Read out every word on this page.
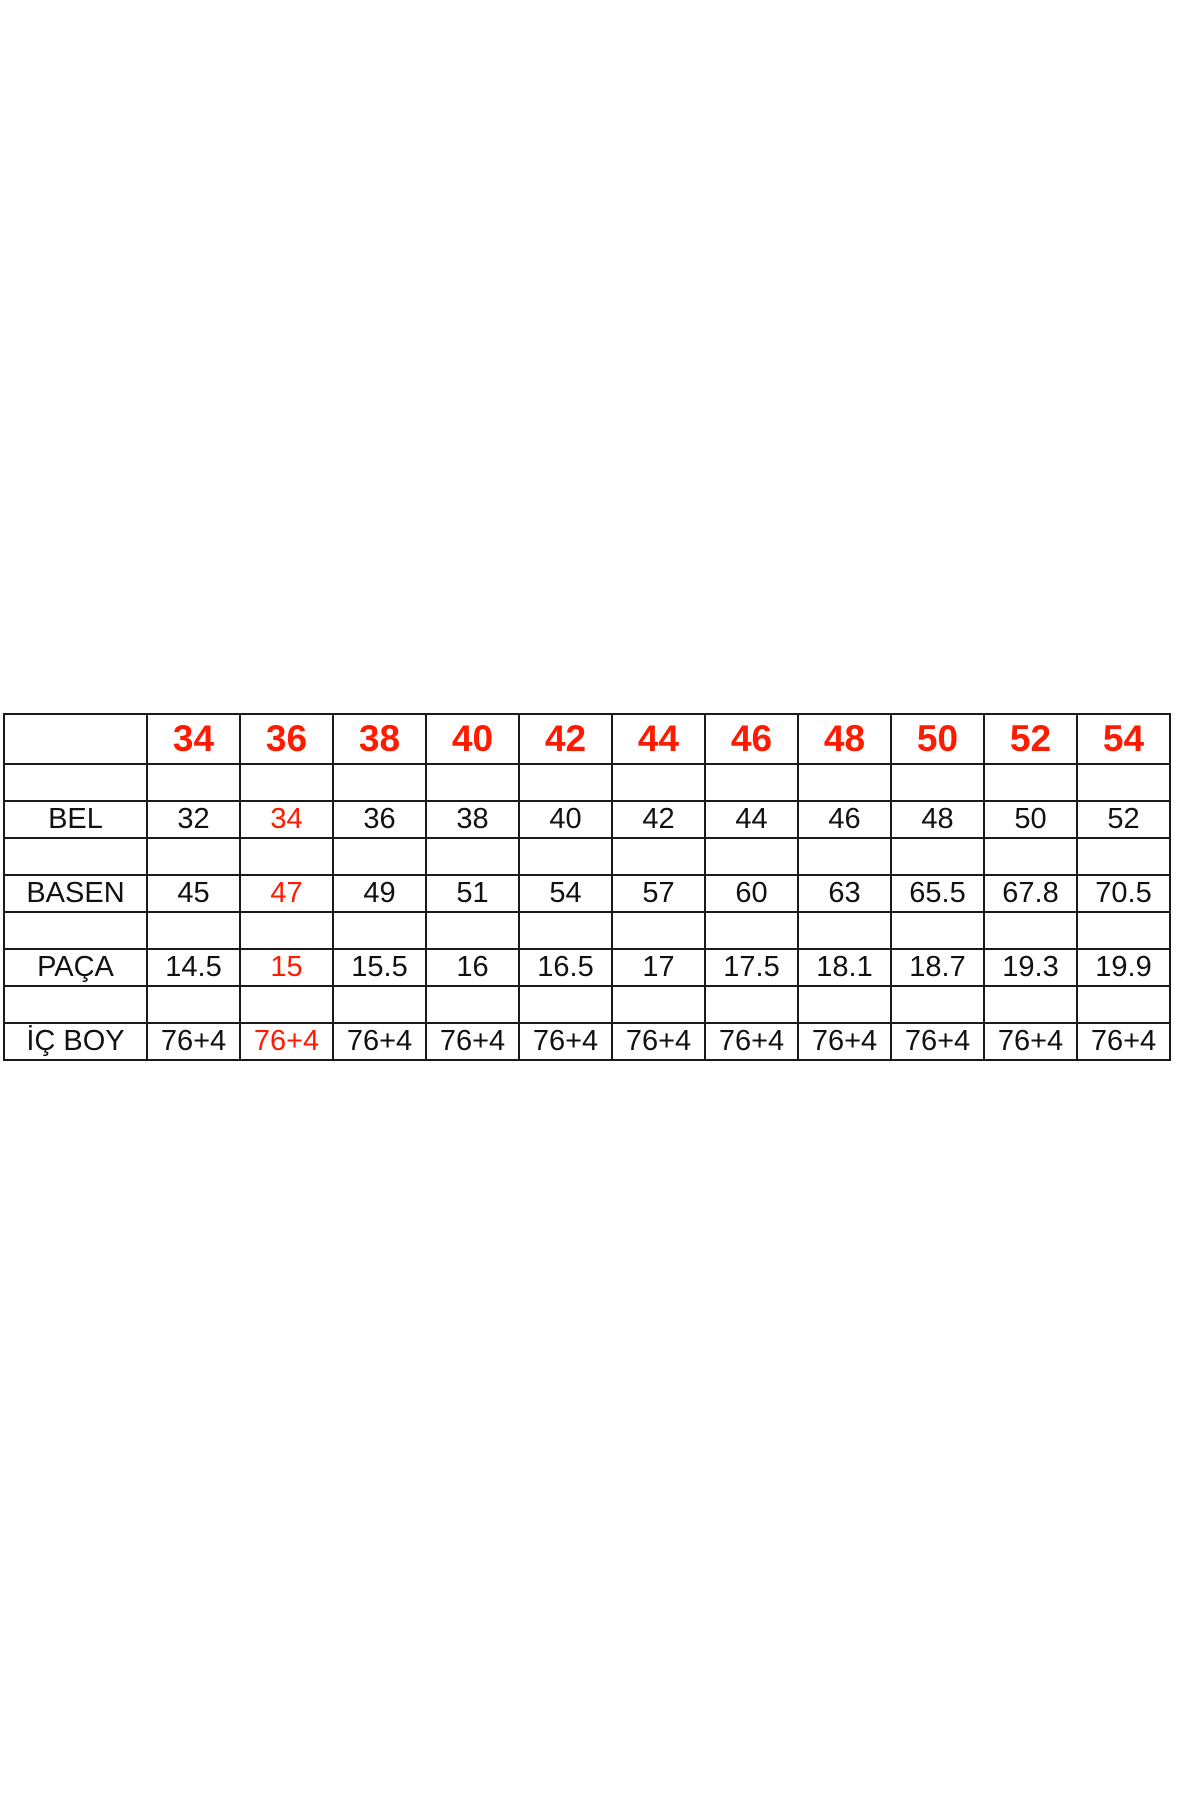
	34	36	38	40	42	44	46	48	50	52	54

BEL	32	34	36	38	40	42	44	46	48	50	52

BASEN	45	47	49	51	54	57	60	63	65.5	67.8	70.5

PAÇA	14.5	15	15.5	16	16.5	17	17.5	18.1	18.7	19.3	19.9

İÇ BOY	76+4	76+4	76+4	76+4	76+4	76+4	76+4	76+4	76+4	76+4	76+4
